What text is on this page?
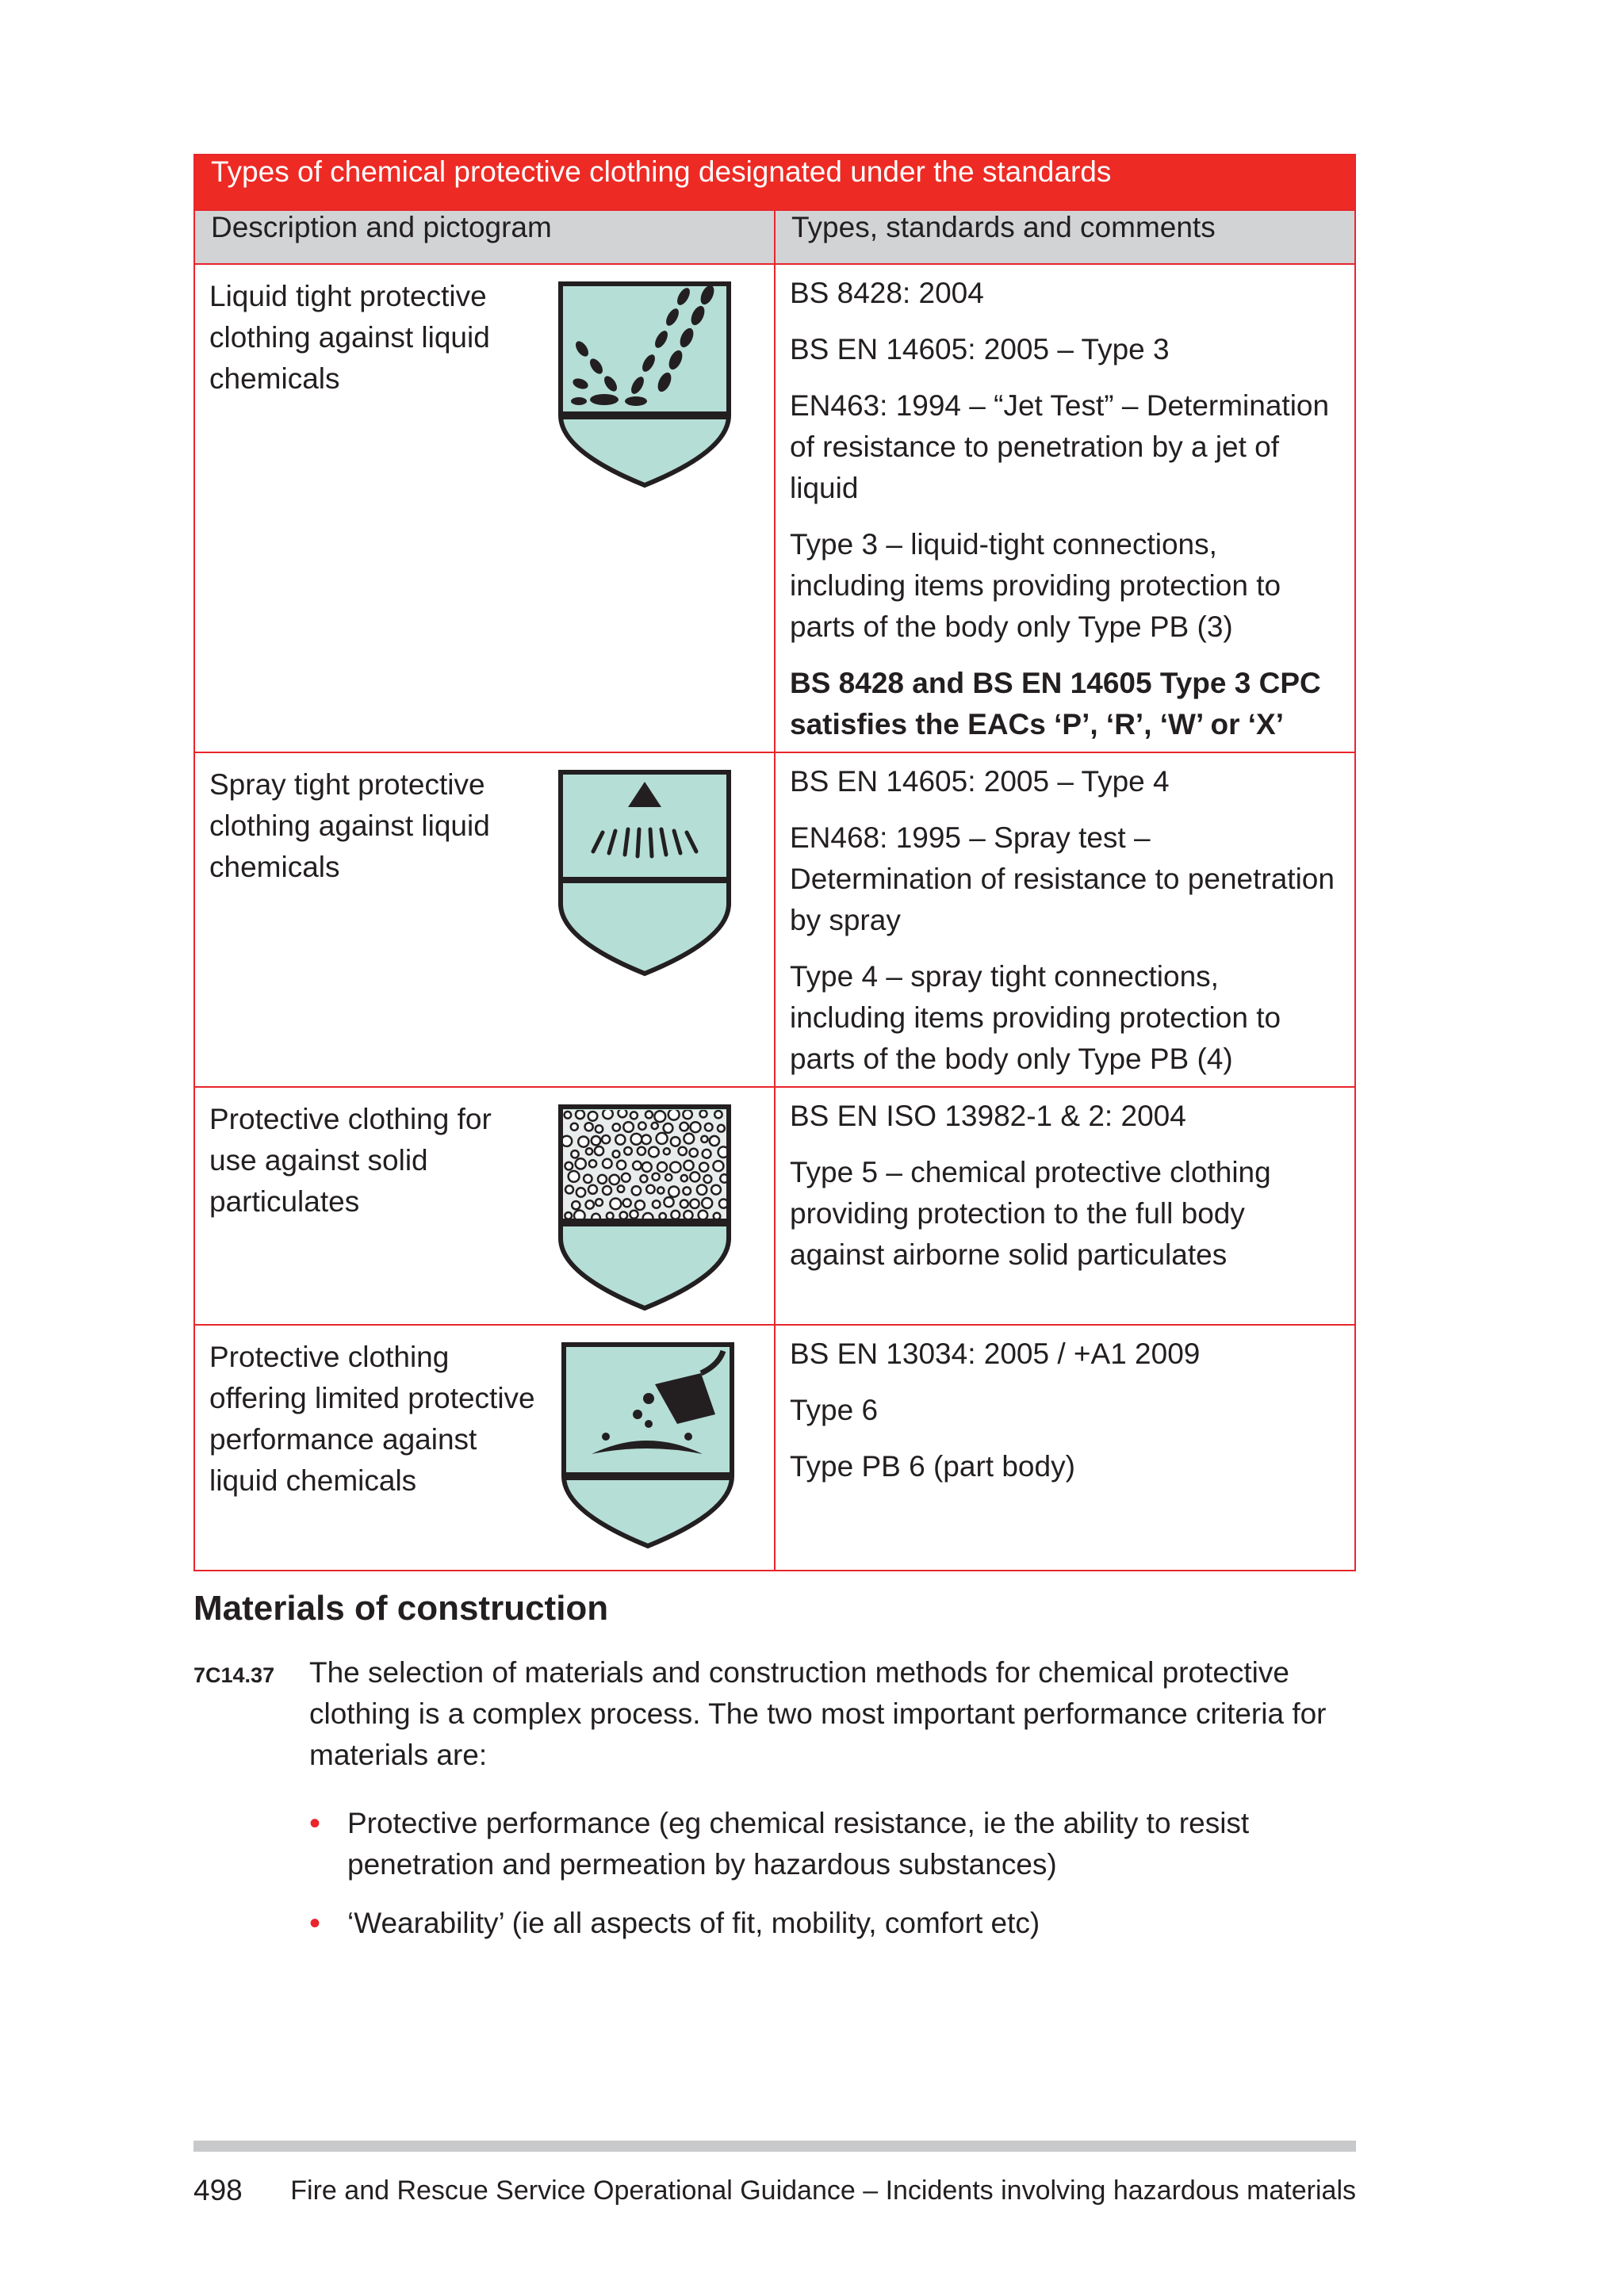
Types of chemical protective clothing designated under the standards	
Description and pictogram	Types, standards and comments

Liquid tight protective clothing against liquid chemicals	BS 8428: 2004

BS EN 14605: 2005 – Type 3

EN463: 1994 – “Jet Test” – Determination of resistance to penetration by a jet of liquid

Type 3 – liquid-tight connections, including items providing protection to parts of the body only Type PB (3)

BS 8428 and BS EN 14605 Type 3 CPC satisfies the EACs ‘P’, ‘R’, ‘W’ or ‘X’

Spray tight protective clothing against liquid chemicals	BS EN 14605: 2005 – Type 4

EN468: 1995 – Spray test – Determination of resistance to penetration by spray

Type 4 – spray tight connections, including items providing protection to parts of the body only Type PB (4)

Protective clothing for use against solid particulates	BS EN ISO 13982-1 & 2: 2004

Type 5 – chemical protective clothing providing protection to the full body against airborne solid particulates

Protective clothing offering limited protective performance against liquid chemicals	BS EN 13034: 2005 / +A1 2009

Type 6

Type PB 6 (part body)

Materials of construction
7C14.37 The selection of materials and construction methods for chemical protective clothing is a complex process. The two most important performance criteria for materials are:

• Protective performance (eg chemical resistance, ie the ability to resist penetration and permeation by hazardous substances)
• ‘Wearability’ (ie all aspects of fit, mobility, comfort etc)
498 Fire and Rescue Service Operational Guidance – Incidents involving hazardous materials
